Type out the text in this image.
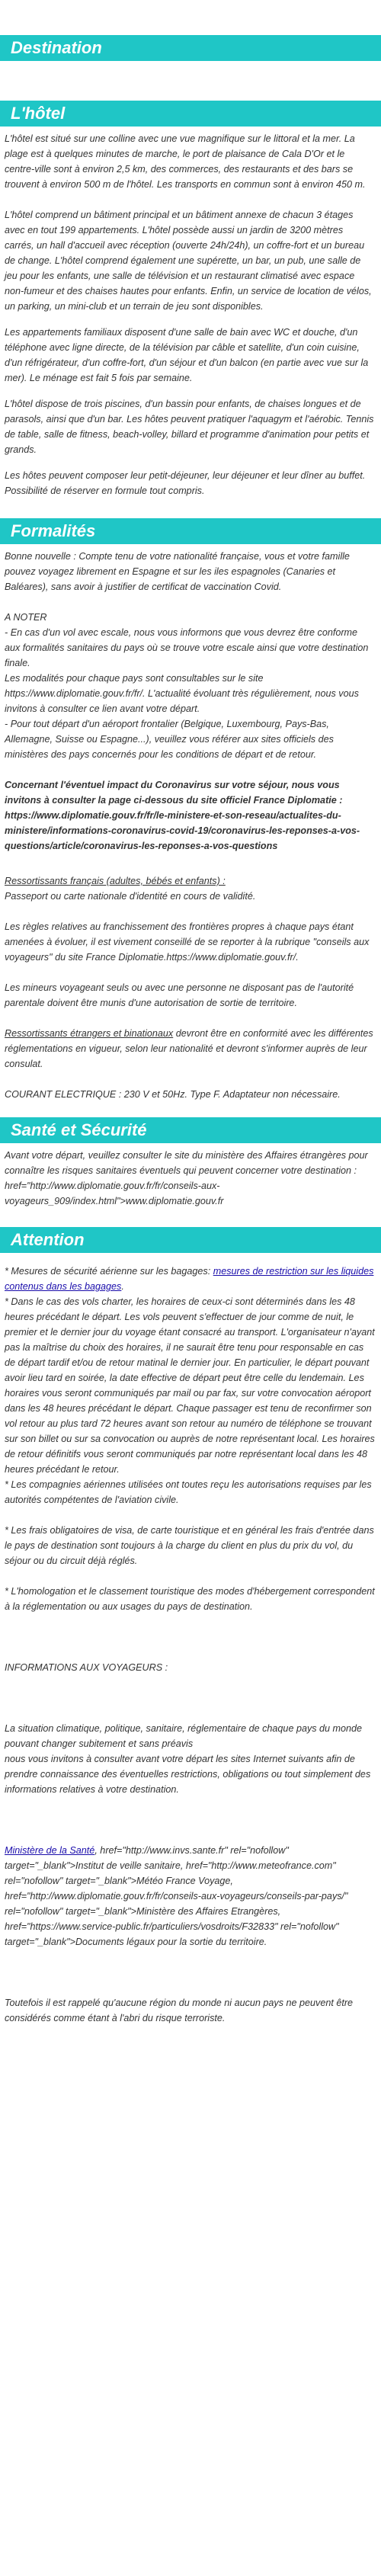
Destination
L'hôtel

L'hôtel est situé sur une colline avec une vue magnifique sur le littoral et la mer. La plage est à quelques minutes de marche, le port de plaisance de Cala D'Or et le centre-ville sont à environ 2,5 km, des commerces, des restaurants et des bars se trouvent à environ 500 m de l'hôtel. Les transports en commun sont à environ 450 m.

L'hôtel comprend un bâtiment principal et un bâtiment annexe de chacun 3 étages avec en tout 199 appartements. L'hôtel possède aussi un jardin de 3200 mètres carrés, un hall d'accueil avec réception (ouverte 24h/24h), un coffre-fort et un bureau de change. L'hôtel comprend également une supérette, un bar, un pub, une salle de jeu pour les enfants, une salle de télévision et un restaurant climatisé avec espace non-fumeur et des chaises hautes pour enfants. Enfin, un service de location de vélos, un parking, un mini-club et un terrain de jeu sont disponibles.

Les appartements familiaux disposent d'une salle de bain avec WC et douche, d'un téléphone avec ligne directe, de la télévision par câble et satellite, d'un coin cuisine, d'un réfrigérateur, d'un coffre-fort, d'un séjour et d'un balcon (en partie avec vue sur la mer). Le ménage est fait 5 fois par semaine.

L'hôtel dispose de trois piscines, d'un bassin pour enfants, de chaises longues et de parasols, ainsi que d'un bar. Les hôtes peuvent pratiquer l'aquagym et l'aérobic. Tennis de table, salle de fitness, beach-volley, billard et programme d'animation pour petits et grands.

Les hôtes peuvent composer leur petit-déjeuner, leur déjeuner et leur dîner au buffet. Possibilité de réserver en formule tout compris.

Formalités

Bonne nouvelle : Compte tenu de votre nationalité française, vous et votre famille pouvez voyagez librement en Espagne et sur les iles espagnoles (Canaries et Baléares), sans avoir à justifier de certificat de vaccination Covid.

A NOTER
- En cas d'un vol avec escale, nous vous informons que vous devrez être conforme aux formalités sanitaires du pays où se trouve votre escale ainsi que votre destination finale.
Les modalités pour chaque pays sont consultables sur le site https://www.diplomatie.gouv.fr/fr/. L'actualité évoluant très régulièrement, nous vous invitons à consulter ce lien avant votre départ.

- Pour tout départ d'un aéroport frontalier (Belgique, Luxembourg, Pays-Bas, Allemagne, Suisse ou Espagne...), veuillez vous référer aux sites officiels des ministères des pays concernés pour les conditions de départ et de retour.

Concernant l'éventuel impact du Coronavirus sur votre séjour, nous vous invitons à consulter la page ci-dessous du site officiel France Diplomatie : https://www.diplomatie.gouv.fr/fr/le-ministere-et-son-reseau/actualites-du-ministere/informations-coronavirus-covid-19/coronavirus-les-reponses-a-vos-questions/article/coronavirus-les-reponses-a-vos-questions

Ressortissants français (adultes, bébés et enfants) :

Passeport ou carte nationale d'identité en cours de validité.

Les règles relatives au franchissement des frontières propres à chaque pays étant amenées à évoluer, il est vivement conseillé de se reporter à la rubrique "conseils aux voyageurs" du site France Diplomatie.https://www.diplomatie.gouv.fr/.

Les mineurs voyageant seuls ou avec une personne ne disposant pas de l'autorité parentale doivent être munis d'une autorisation de sortie de territoire.

Ressortissants étrangers et binationaux devront être en conformité avec les différentes réglementations en vigueur, selon leur nationalité et devront s'informer auprès de leur consulat.

COURANT ELECTRIQUE : 230 V et 50Hz. Type F. Adaptateur non nécessaire.

Santé et Sécurité

Avant votre départ, veuillez consulter le site du ministère des Affaires étrangères pour connaître les risques sanitaires éventuels qui peuvent concerner votre destination : href="http://www.diplomatie.gouv.fr/fr/conseils-aux-voyageurs_909/index.html">www.diplomatie.gouv.fr

Attention
* Mesures de sécurité aérienne sur les bagages: mesures de restriction sur les liquides contenus dans les bagages.
* Dans le cas des vols charter, les horaires de ceux-ci sont déterminés dans les 48 heures précédant le départ. Les vols peuvent s'effectuer de jour comme de nuit, le premier et le dernier jour du voyage étant consacré au transport. L'organisateur n'ayant pas la maîtrise du choix des horaires, il ne saurait être tenu pour responsable en cas de départ tardif et/ou de retour matinal le dernier jour. En particulier, le départ pouvant avoir lieu tard en soirée, la date effective de départ peut être celle du lendemain. Les horaires vous seront communiqués par mail ou par fax, sur votre convocation aéroport dans les 48 heures précédant le départ. Chaque passager est tenu de reconfirmer son vol retour au plus tard 72 heures avant son retour au numéro de téléphone se trouvant sur son billet ou sur sa convocation ou auprès de notre représentant local. Les horaires de retour définitifs vous seront communiqués par notre représentant local dans les 48 heures précédant le retour.
* Les compagnies aériennes utilisées ont toutes reçu les autorisations requises par les autorités compétentes de l'aviation civile.
* Les frais obligatoires de visa, de carte touristique et en général les frais d'entrée dans le pays de destination sont toujours à la charge du client en plus du prix du vol, du séjour ou du circuit déjà réglés.
* L'homologation et le classement touristique des modes d'hébergement correspondent à la réglementation ou aux usages du pays de destination.
INFORMATIONS AUX VOYAGEURS :
La situation climatique, politique, sanitaire, réglementaire de chaque pays du monde pouvant changer subitement et sans préavis
nous vous invitons à consulter avant votre départ les sites Internet suivants afin de prendre connaissance des éventuelles restrictions, obligations ou tout simplement des informations relatives à votre destination.
Ministère de la Santé, href="http://www.invs.sante.fr" rel="nofollow" target="_blank">Institut de veille sanitaire, href="http://www.meteofrance.com" rel="nofollow" target="_blank">Météo France Voyage, href="http://www.diplomatie.gouv.fr/fr/conseils-aux-voyageurs/conseils-par-pays/" rel="nofollow" target="_blank">Ministère des Affaires Etrangères, href="https://www.service-public.fr/particuliers/vosdroits/F32833" rel="nofollow" target="_blank">Documents légaux pour la sortie du territoire.
Toutefois il est rappelé qu'aucune région du monde ni aucun pays ne peuvent être considérés comme étant à l'abri du risque terroriste.
